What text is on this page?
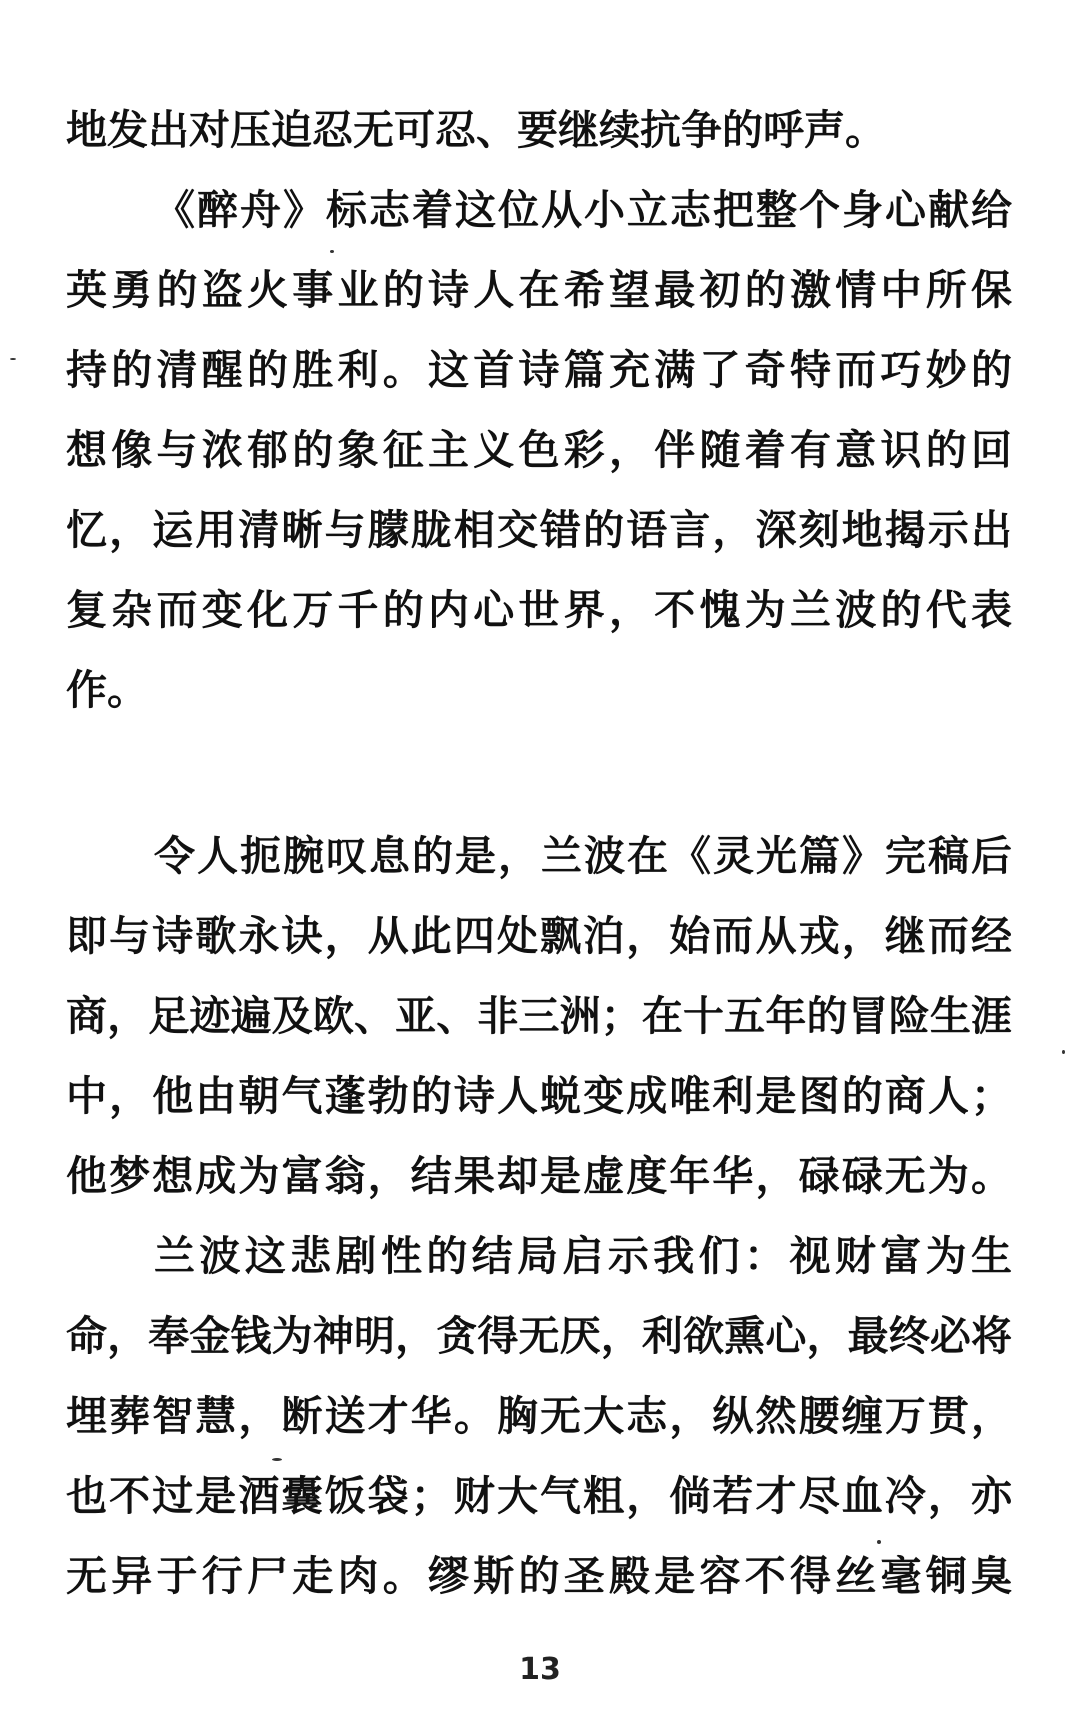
地发出对压迫忍无可忍、要继续抗争的呼声。
《醉舟》标志着这位从小立志把整个身心献给
英勇的盗火事业的诗人在希望最初的激情中所保
持的清醒的胜利。这首诗篇充满了奇特而巧妙的
想像与浓郁的象征主义色彩，伴随着有意识的回
忆，运用清晰与朦胧相交错的语言，深刻地揭示出
复杂而变化万千的内心世界，不愧为兰波的代表
作。
令人扼腕叹息的是，兰波在《灵光篇》完稿后
即与诗歌永诀，从此四处飘泊，始而从戎，继而经
商，足迹遍及欧、亚、非三洲；在十五年的冒险生涯
中，他由朝气蓬勃的诗人蜕变成唯利是图的商人；
他梦想成为富翁，结果却是虚度年华，碌碌无为。
兰波这悲剧性的结局启示我们：视财富为生
命，奉金钱为神明，贪得无厌，利欲熏心，最终必将
埋葬智慧，断送才华。胸无大志，纵然腰缠万贯，
也不过是酒囊饭袋；财大气粗，倘若才尽血冷，亦
无异于行尸走肉。缪斯的圣殿是容不得丝毫铜臭
13
